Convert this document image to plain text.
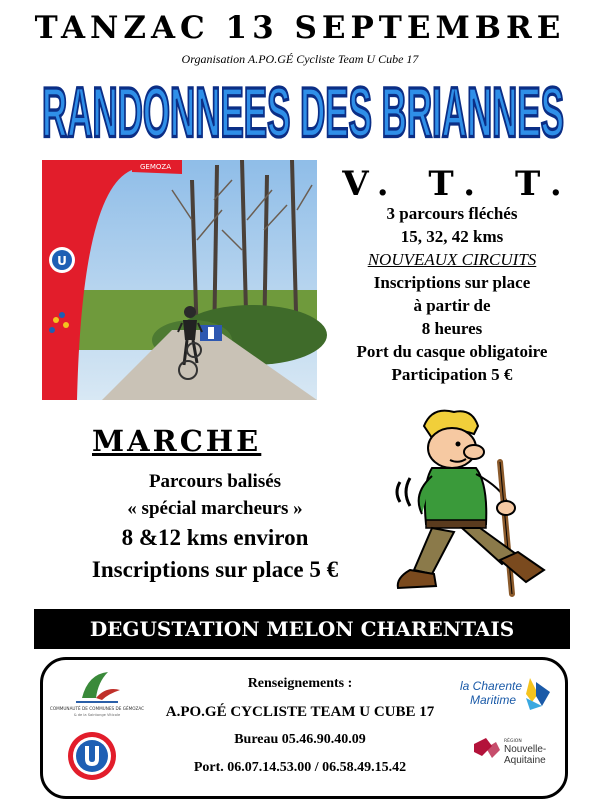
TANZAC 13 SEPTEMBRE
Organisation A.PO.GÉ Cycliste Team U Cube 17
RANDONNEES DES BRIANNES
U
GEMOZA	V. T. T.
3 parcours fléchés
15, 32, 42 kms
NOUVEAUX CIRCUITS
Inscriptions sur place
à partir de
8 heures
Port du casque obligatoire
Participation 5 €
MARCHE
Parcours balisés
« spécial marcheurs »
8 &12 kms environ
Inscriptions sur place 5 €
DEGUSTATION MELON CHARENTAIS
Renseignements :
A.PO.GÉ CYCLISTE TEAM U CUBE 17
Bureau 05.46.90.40.09
Port. 06.07.14.53.00 / 06.58.49.15.42
COMMUNAUTÉ DE COMMUNES DE GÉMOZAC
& de la Saintonge Viticole
la Charente
Maritime
RÉGION
Nouvelle-
Aquitaine
